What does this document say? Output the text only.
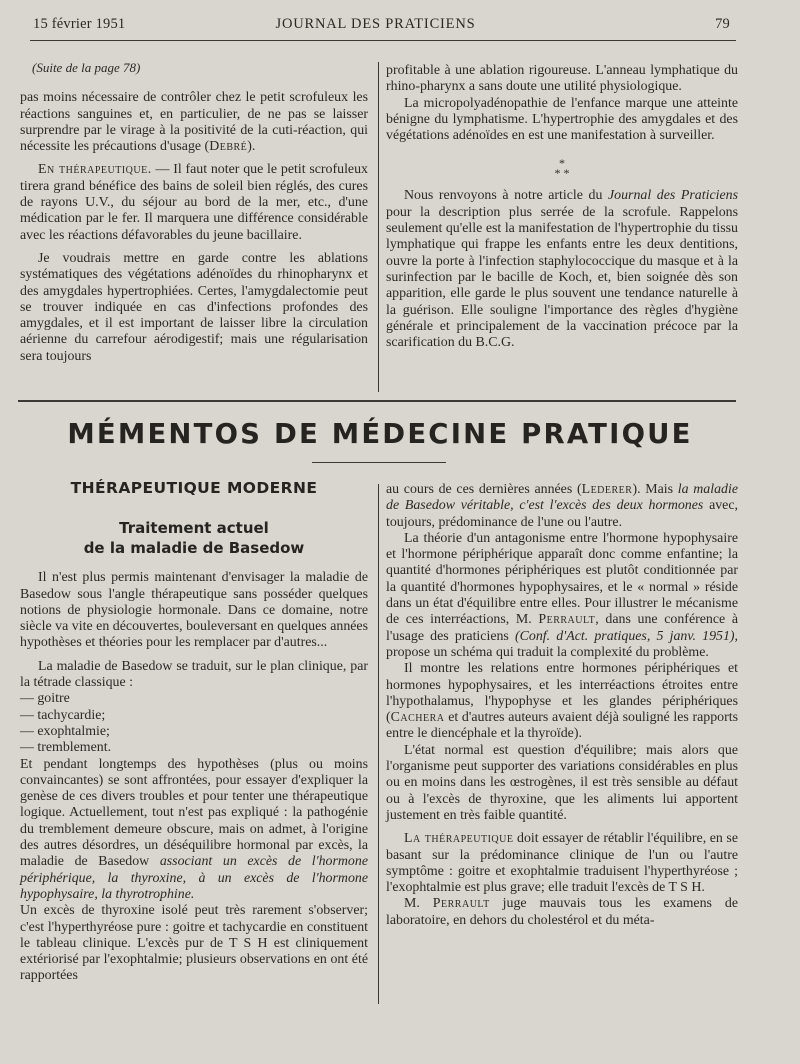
15 février 1951	JOURNAL DES PRATICIENS	79

(Suite de la page 78)

pas moins nécessaire de contrôler chez le petit scrofuleux les réactions sanguines et, en particulier, de ne pas se laisser surprendre par le virage à la positivité de la cuti-réaction, qui nécessite les précautions d'usage (Debré).

En thérapeutique. — Il faut noter que le petit scrofuleux tirera grand bénéfice des bains de soleil bien réglés, des cures de rayons U.V., du séjour au bord de la mer, etc., d'une médication par le fer. Il marquera une différence considérable avec les réactions défavorables du jeune bacillaire.

Je voudrais mettre en garde contre les ablations systématiques des végétations adénoïdes du rhinopharynx et des amygdales hypertrophiées. Certes, l'amygdalectomie peut se trouver indiquée en cas d'infections profondes des amygdales, et il est important de laisser libre la circulation aérienne du carrefour aérodigestif; mais une régularisation sera toujours

profitable à une ablation rigoureuse. L'anneau lymphatique du rhino-pharynx a sans doute une utilité physiologique.

La micropolyadénopathie de l'enfance marque une atteinte bénigne du lymphatisme. L'hypertrophie des amygdales et des végétations adénoïdes en est une manifestation à surveiller.

*
* *

Nous renvoyons à notre article du Journal des Praticiens pour la description plus serrée de la scrofule. Rappelons seulement qu'elle est la manifestation de l'hypertrophie du tissu lymphatique qui frappe les enfants entre les deux dentitions, ouvre la porte à l'infection staphylococcique du masque et à la surinfection par le bacille de Koch, et, bien soignée dès son apparition, elle garde le plus souvent une tendance naturelle à la guérison. Elle souligne l'importance des règles d'hygiène générale et principalement de la vaccination précoce par la scarification du B.C.G.

MÉMENTOS DE MÉDECINE PRATIQUE
THÉRAPEUTIQUE MODERNE
Traitement actuel
de la maladie de Basedow

Il n'est plus permis maintenant d'envisager la maladie de Basedow sous l'angle thérapeutique sans posséder quelques notions de physiologie hormonale. Dans ce domaine, notre siècle va vite en découvertes, bouleversant en quelques années hypothèses et théories pour les remplacer par d'autres...

La maladie de Basedow se traduit, sur le plan clinique, par la tétrade classique :

— goitre

— tachycardie;

— exophtalmie;

— tremblement.

Et pendant longtemps des hypothèses (plus ou moins convaincantes) se sont affrontées, pour essayer d'expliquer la genèse de ces divers troubles et pour tenter une thérapeutique logique. Actuellement, tout n'est pas expliqué : la pathogénie du tremblement demeure obscure, mais on admet, à l'origine des autres désordres, un déséquilibre hormonal par excès, la maladie de Basedow associant un excès de l'hormone périphérique, la thyroxine, à un excès de l'hormone hypophysaire, la thyrotrophine.

Un excès de thyroxine isolé peut très rarement s'observer; c'est l'hyperthyréose pure : goitre et tachycardie en constituent le tableau clinique. L'excès pur de T S H est cliniquement extériorisé par l'exophtalmie; plusieurs observations en ont été rapportées

au cours de ces dernières années (Lederer). Mais la maladie de Basedow véritable, c'est l'excès des deux hormones avec, toujours, prédominance de l'une ou l'autre.

La théorie d'un antagonisme entre l'hormone hypophysaire et l'hormone périphérique apparaît donc comme enfantine; la quantité d'hormones périphériques est plutôt conditionnée par la quantité d'hormones hypophysaires, et le « normal » réside dans un état d'équilibre entre elles. Pour illustrer le mécanisme de ces interréactions, M. Perrault, dans une conférence à l'usage des praticiens (Conf. d'Act. pratiques, 5 janv. 1951), propose un schéma qui traduit la complexité du problème.

Il montre les relations entre hormones périphériques et hormones hypophysaires, et les interréactions étroites entre l'hypothalamus, l'hypophyse et les glandes périphériques (Cachera et d'autres auteurs avaient déjà souligné les rapports entre le diencéphale et la thyroïde).

L'état normal est question d'équilibre; mais alors que l'organisme peut supporter des variations considérables en plus ou en moins dans les œstrogènes, il est très sensible au défaut ou à l'excès de thyroxine, que les aliments lui apportent justement en très faible quantité.

La thérapeutique doit essayer de rétablir l'équilibre, en se basant sur la prédominance clinique de l'un ou l'autre symptôme : goitre et exophtalmie traduisent l'hyperthyréose ; l'exophtalmie est plus grave; elle traduit l'excès de T S H.

M. Perrault juge mauvais tous les examens de laboratoire, en dehors du cholestérol et du méta-
